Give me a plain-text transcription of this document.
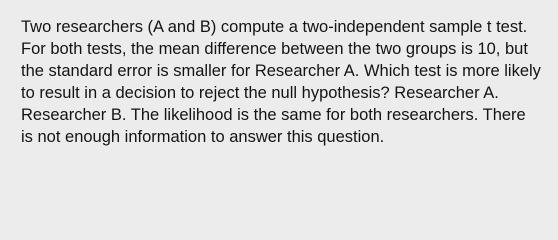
Two researchers (A and B) compute a two-independent sample t test. For both tests, the mean difference between the two groups is 10, but the standard error is smaller for Researcher A. Which test is more likely to result in a decision to reject the null hypothesis? Researcher A. Researcher B. The likelihood is the same for both researchers. There is not enough information to answer this question.
